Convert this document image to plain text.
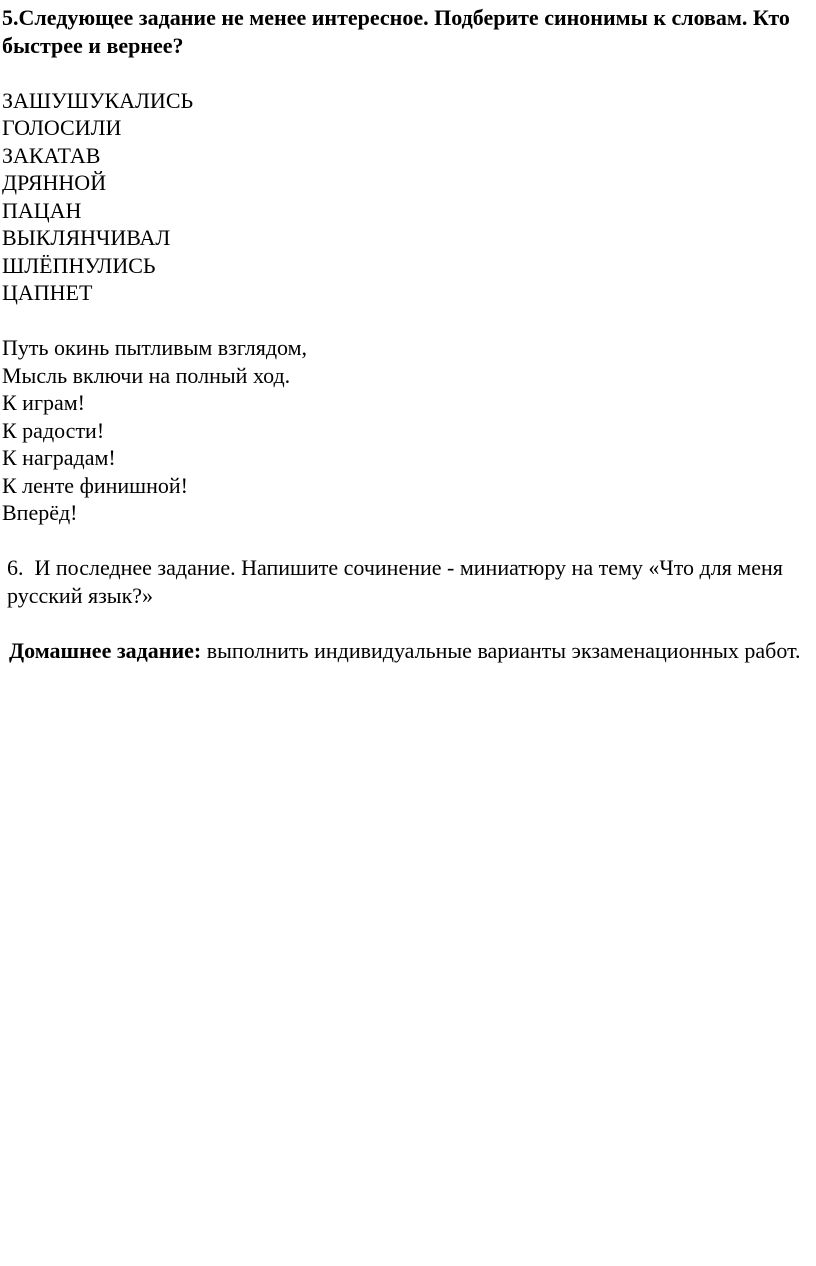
5.Следующее задание не менее интересное. Подберите синонимы к словам. Кто быстрее и вернее?

ЗАШУШУКАЛИСЬ
ГОЛОСИЛИ
ЗАКАТАВ
ДРЯННОЙ
ПАЦАН
ВЫКЛЯНЧИВАЛ
ШЛЁПНУЛИСЬ
ЦАПНЕТ
Путь окинь пытливым взглядом,
Мысль включи на полный ход.
К играм!
К радости!
К наградам!
К ленте финишной!
Вперёд!

6. И последнее задание. Напишите сочинение - миниатюру на тему «Что для меня русский язык?»

Домашнее задание: выполнить индивидуальные варианты экзаменационных работ.
